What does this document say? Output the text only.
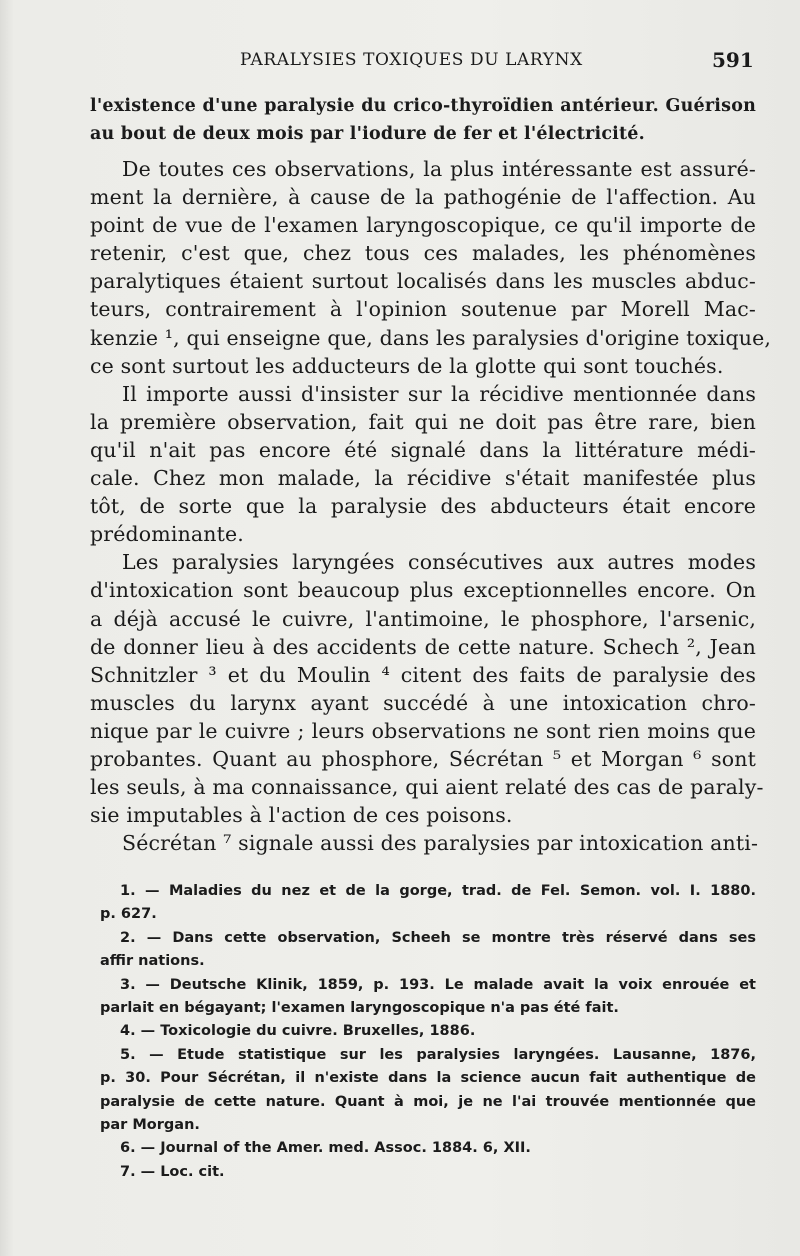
PARALYSIES TOXIQUES DU LARYNX	591
l'existence d'une paralysie du crico-thyroïdien antérieur. Guérison
au bout de deux mois par l'iodure de fer et l'électricité.
De toutes ces observations, la plus intéressante est assuré-
ment la dernière, à cause de la pathogénie de l'affection. Au
point de vue de l'examen laryngoscopique, ce qu'il importe de
retenir, c'est que, chez tous ces malades, les phénomènes
paralytiques étaient surtout localisés dans les muscles abduc-
teurs, contrairement à l'opinion soutenue par Morell Mac-
kenzie ¹, qui enseigne que, dans les paralysies d'origine toxique,
ce sont surtout les adducteurs de la glotte qui sont touchés.
Il importe aussi d'insister sur la récidive mentionnée dans
la première observation, fait qui ne doit pas être rare, bien
qu'il n'ait pas encore été signalé dans la littérature médi-
cale. Chez mon malade, la récidive s'était manifestée plus
tôt, de sorte que la paralysie des abducteurs était encore
prédominante.
Les paralysies laryngées consécutives aux autres modes
d'intoxication sont beaucoup plus exceptionnelles encore. On
a déjà accusé le cuivre, l'antimoine, le phosphore, l'arsenic,
de donner lieu à des accidents de cette nature. Schech ², Jean
Schnitzler ³ et du Moulin ⁴ citent des faits de paralysie des
muscles du larynx ayant succédé à une intoxication chro-
nique par le cuivre ; leurs observations ne sont rien moins que
probantes. Quant au phosphore, Sécrétan ⁵ et Morgan ⁶ sont
les seuls, à ma connaissance, qui aient relaté des cas de paraly-
sie imputables à l'action de ces poisons.
Sécrétan ⁷ signale aussi des paralysies par intoxication anti-
1. — Maladies du nez et de la gorge, trad. de Fel. Semon. vol. I. 1880.
p. 627.
2. — Dans cette observation, Scheeh se montre très réservé dans ses
affir nations.
3. — Deutsche Klinik, 1859, p. 193. Le malade avait la voix enrouée et
parlait en bégayant; l'examen laryngoscopique n'a pas été fait.
4. — Toxicologie du cuivre. Bruxelles, 1886.
5. — Etude statistique sur les paralysies laryngées. Lausanne, 1876,
p. 30. Pour Sécrétan, il n'existe dans la science aucun fait authentique de
paralysie de cette nature. Quant à moi, je ne l'ai trouvée mentionnée que
par Morgan.
6. — Journal of the Amer. med. Assoc. 1884. 6, XII.
7. — Loc. cit.
